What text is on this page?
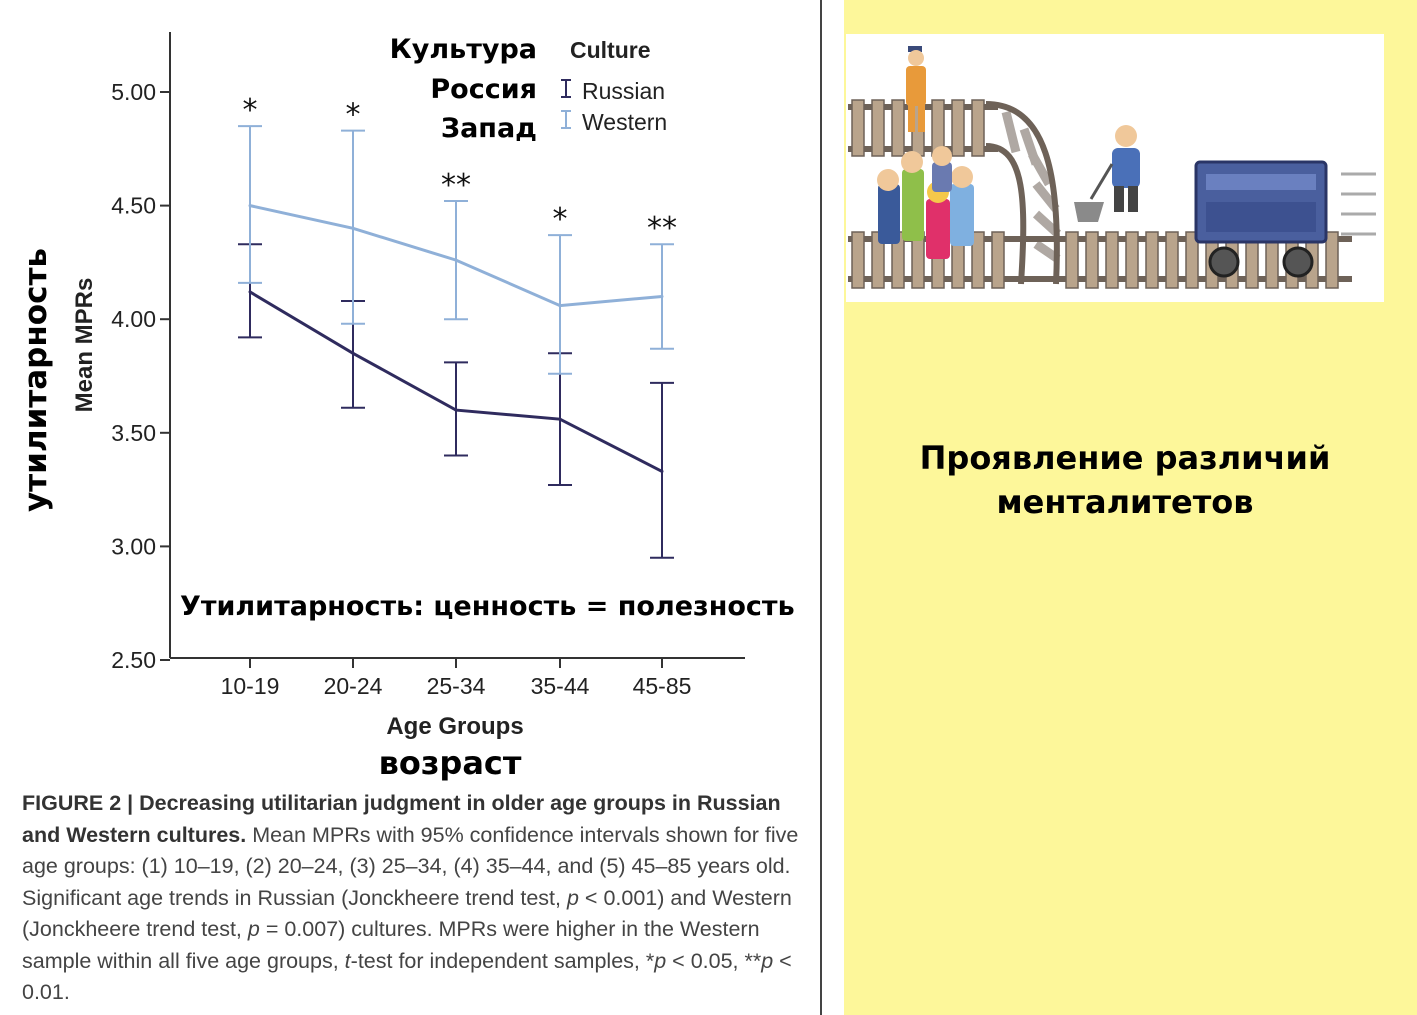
2.50
3.00
3.50
4.00
4.50
5.00
10-19 20-24 25-34 35-44 45-85
*	*
**
*	**
Mean MPRs
утилитарность
Age Groups
возраст
Культура Culture
Россия
Запад
Russian
Western
Утилитарность: ценность = полезность
FIGURE 2 | Decreasing utilitarian judgment in older age groups in Russian and Western cultures. Mean MPRs with 95% confidence intervals shown for five age groups: (1) 10–19, (2) 20–24, (3) 25–34, (4) 35–44, and (5) 45–85 years old. Significant age trends in Russian (Jonckheere trend test, p < 0.001) and Western (Jonckheere trend test, p = 0.007) cultures. MPRs were higher in the Western sample within all five age groups, t-test for independent samples, *p < 0.05, **p < 0.01.
Проявление различий менталитетов
